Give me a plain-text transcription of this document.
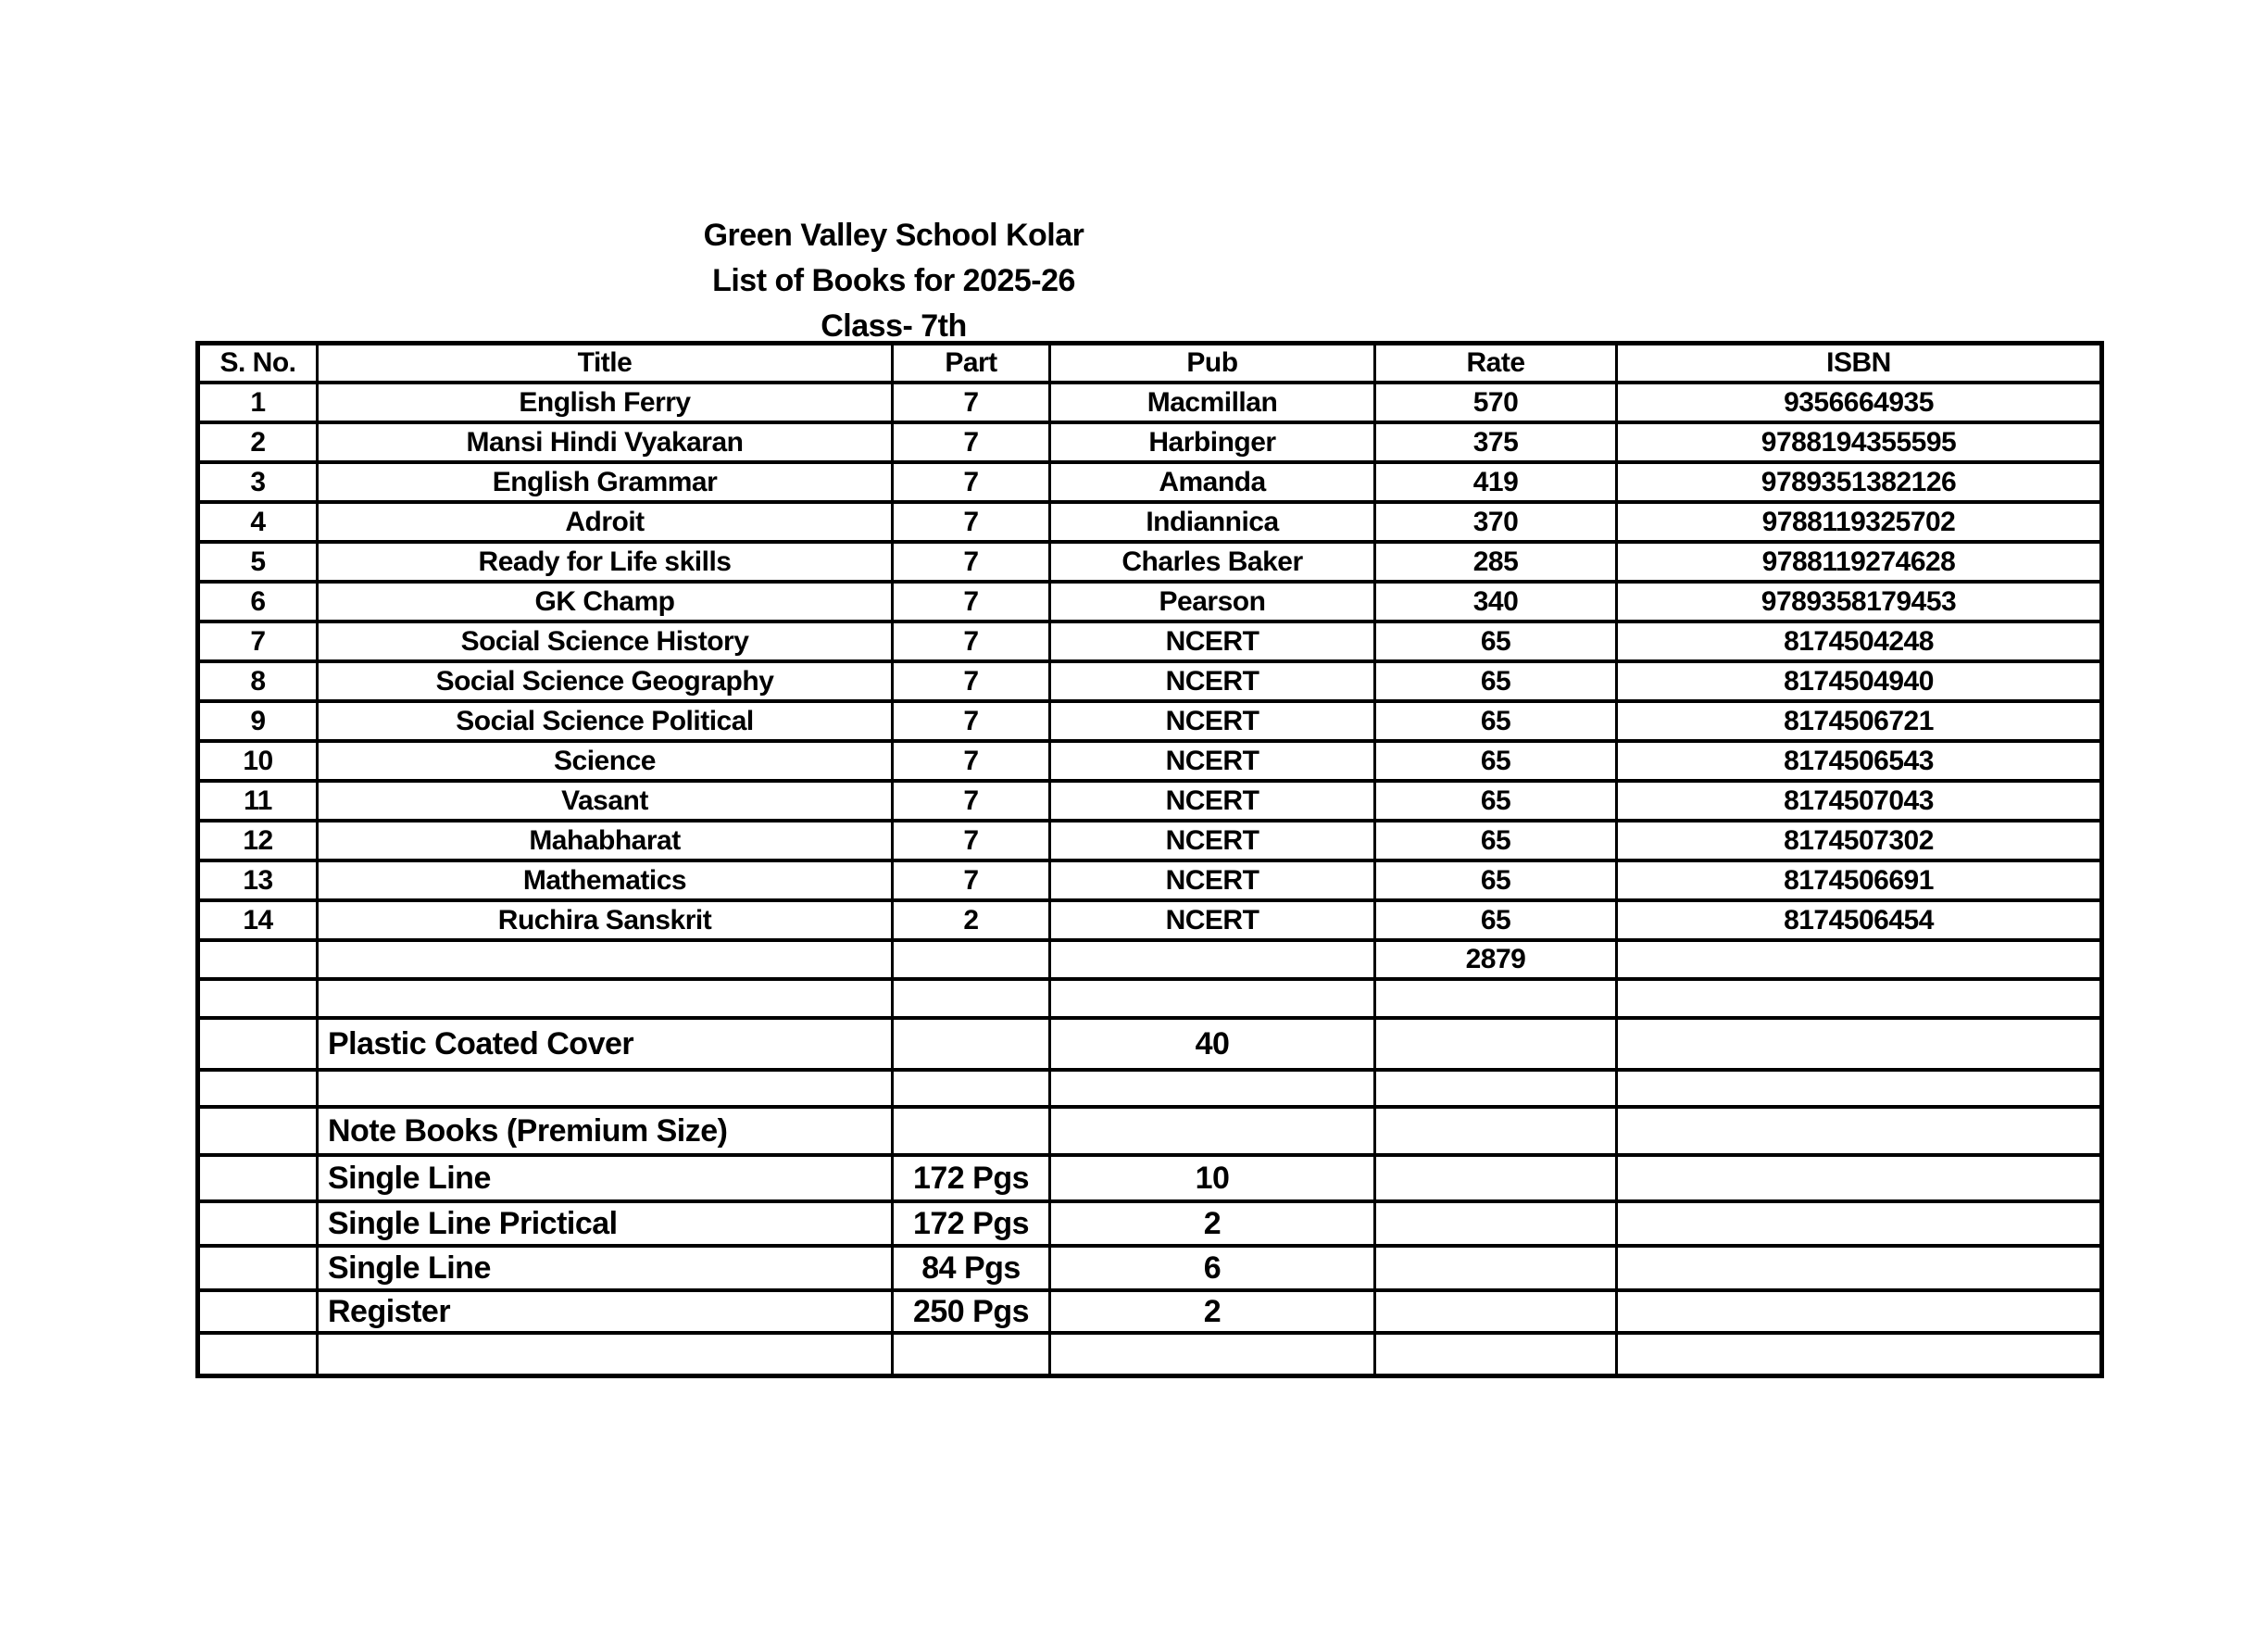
Green Valley School Kolar
List of Books for 2025-26
Class- 7th
S. No.	Title	Part	Pub	Rate	ISBN
1	English Ferry	7	Macmillan	570	9356664935
2	Mansi Hindi Vyakaran	7	Harbinger	375	9788194355595
3	English Grammar	7	Amanda	419	9789351382126
4	Adroit	7	Indiannica	370	9788119325702
5	Ready for Life skills	7	Charles Baker	285	9788119274628
6	GK Champ	7	Pearson	340	9789358179453
7	Social Science History	7	NCERT	65	8174504248
8	Social Science Geography	7	NCERT	65	8174504940
9	Social Science Political	7	NCERT	65	8174506721
10	Science	7	NCERT	65	8174506543
11	Vasant	7	NCERT	65	8174507043
12	Mahabharat	7	NCERT	65	8174507302
13	Mathematics	7	NCERT	65	8174506691
14	Ruchira Sanskrit	2	NCERT	65	8174506454
				2879	

	Plastic Coated Cover		40		

	Note Books (Premium Size)				
	Single Line	172 Pgs	10		
	Single Line Prictical	172 Pgs	2		
	Single Line	84 Pgs	6		
	Register	250 Pgs	2		
